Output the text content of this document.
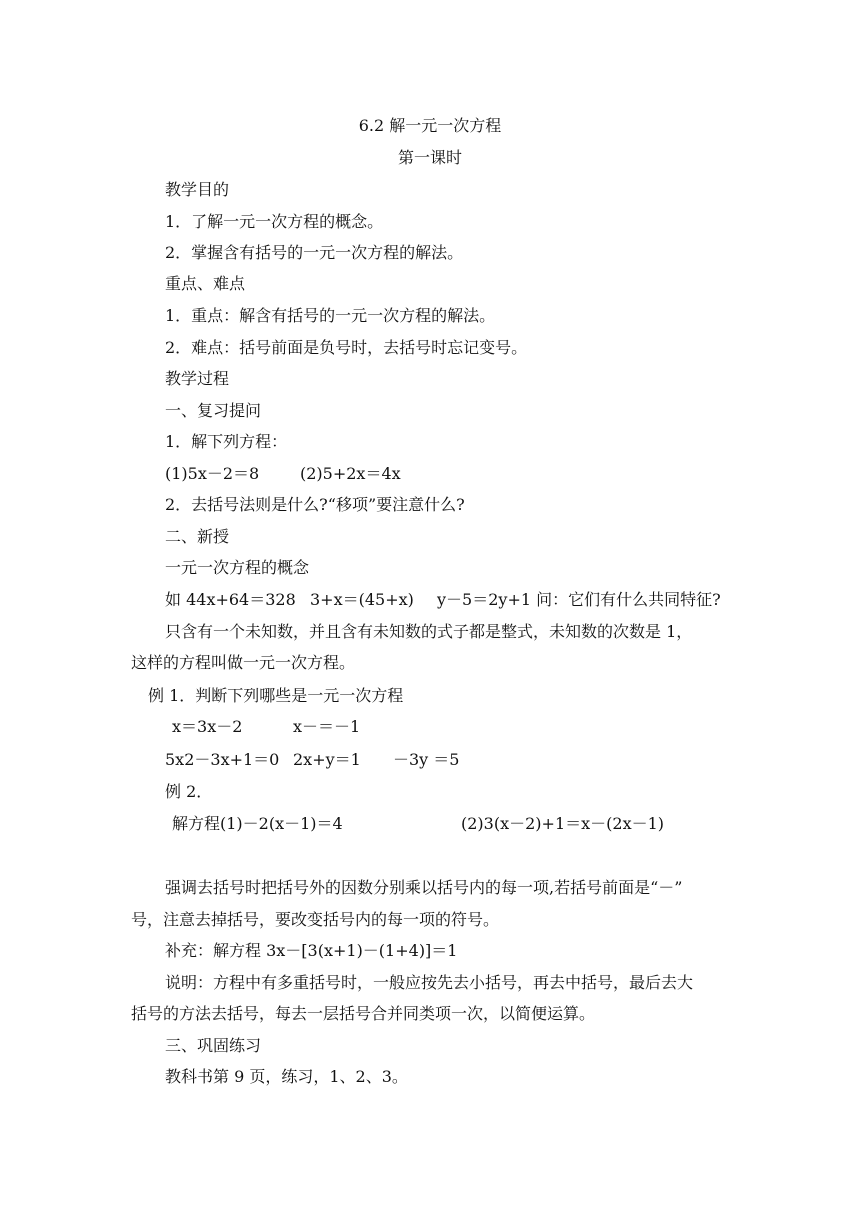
6.2 解一元一次方程

第一课时

教学目的

1．了解一元一次方程的概念。

2．掌握含有括号的一元一次方程的解法。

重点、难点

1．重点：解含有括号的一元一次方程的解法。

2．难点：括号前面是负号时，去括号时忘记变号。

教学过程

一、复习提问

1．解下列方程：

(1)5x－2＝8	(2)5+2x＝4x

2．去括号法则是什么?“移项”要注意什么?

二、新授

一元一次方程的概念

如 44x+64＝328 3+x＝(45+x) y－5＝2y+1 问：它们有什么共同特征?

只含有一个未知数，并且含有未知数的式子都是整式，未知数的次数是 1，

这样的方程叫做一元一次方程。

例 1．判断下列哪些是一元一次方程

x＝3x－2	x－＝－1
5x2－3x+1＝0 2x+y＝1 －3y ＝5

例 2．

解方程(1)－2(x－1)＝4	(2)3(x－2)+1＝x－(2x－1)

强调去括号时把括号外的因数分别乘以括号内的每一项,若括号前面是“－”

号，注意去掉括号，要改变括号内的每一项的符号。

补充：解方程 3x－[3(x+1)－(1+4)]＝1

说明：方程中有多重括号时，一般应按先去小括号，再去中括号，最后去大

括号的方法去括号，每去一层括号合并同类项一次，以简便运算。

三、巩固练习

教科书第 9 页，练习，1、2、3。
